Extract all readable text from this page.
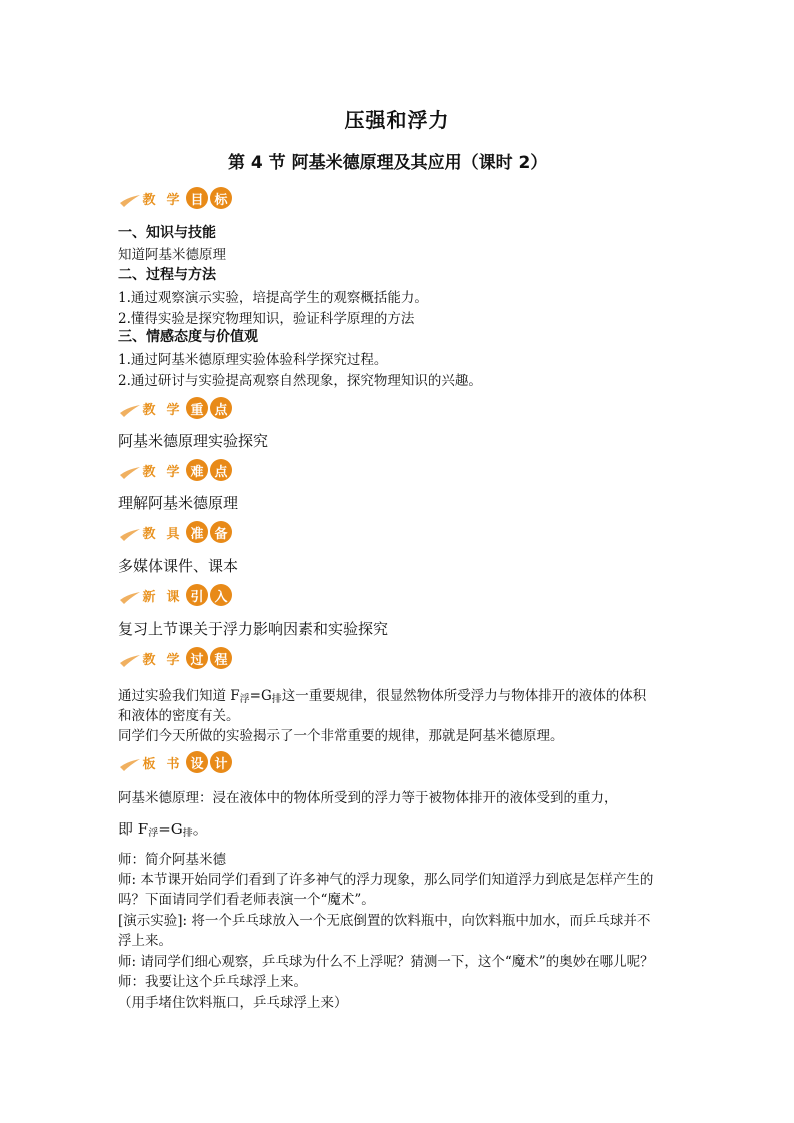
压强和浮力
第 4 节 阿基米德原理及其应用（课时 2）
教 学 目 标
一、知识与技能
知道阿基米德原理
二、过程与方法
1.通过观察演示实验，培提高学生的观察概括能力。
2.懂得实验是探究物理知识，验证科学原理的方法
三、情感态度与价值观
1.通过阿基米德原理实验体验科学探究过程。
2.通过研讨与实验提高观察自然现象，探究物理知识的兴趣。
教 学 重 点
阿基米德原理实验探究
教 学 难 点
理解阿基米德原理
教 具 准 备
多媒体课件、课本
新 课 引 入
复习上节课关于浮力影响因素和实验探究
教 学 过 程
通过实验我们知道 $F_浮=G_排$这一重要规律，很显然物体所受浮力与物体排开的液体的体积
和液体的密度有关。
同学们今天所做的实验揭示了一个非常重要的规律，那就是阿基米德原理。
板 书 设 计
阿基米德原理：浸在液体中的物体所受到的浮力等于被物体排开的液体受到的重力，
即 $F_浮=G_排$。
师：简介阿基米德
师: 本节课开始同学们看到了许多神气的浮力现象，那么同学们知道浮力到底是怎样产生的
吗？下面请同学们看老师表演一个“魔术”。
[演示实验]: 将一个乒乓球放入一个无底倒置的饮料瓶中，向饮料瓶中加水，而乒乓球并不
浮上来。
师: 请同学们细心观察，乒乓球为什么不上浮呢？猜测一下，这个“魔术”的奥妙在哪儿呢？
师：我要让这个乒乓球浮上来。
（用手堵住饮料瓶口，乒乓球浮上来）
